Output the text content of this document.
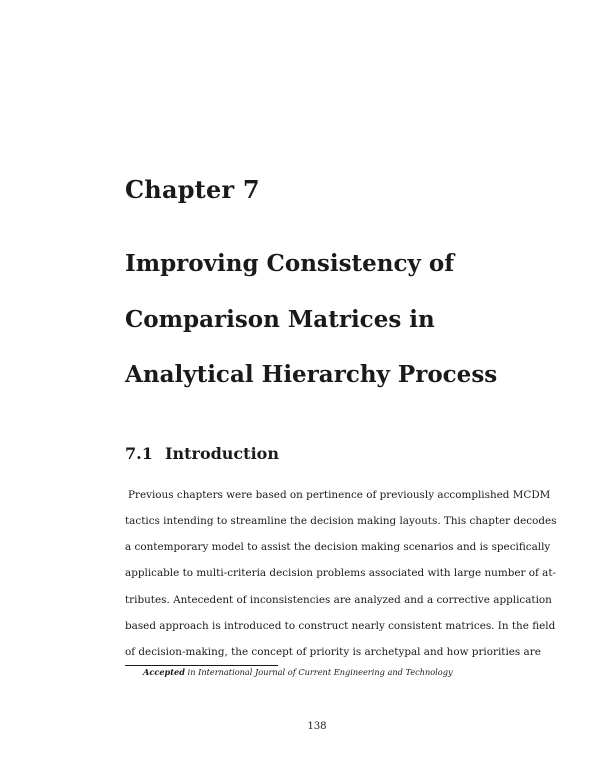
Chapter 7
Improving Consistency of
Comparison Matrices in
Analytical Hierarchy Process
7.1 Introduction
Previous chapters were based on pertinence of previously accomplished MCDM
tactics intending to streamline the decision making layouts. This chapter decodes
a contemporary model to assist the decision making scenarios and is specifically
applicable to multi-criteria decision problems associated with large number of at-
tributes. Antecedent of inconsistencies are analyzed and a corrective application
based approach is introduced to construct nearly consistent matrices. In the field
of decision-making, the concept of priority is archetypal and how priorities are
Accepted in International Journal of Current Engineering and Technology
138
